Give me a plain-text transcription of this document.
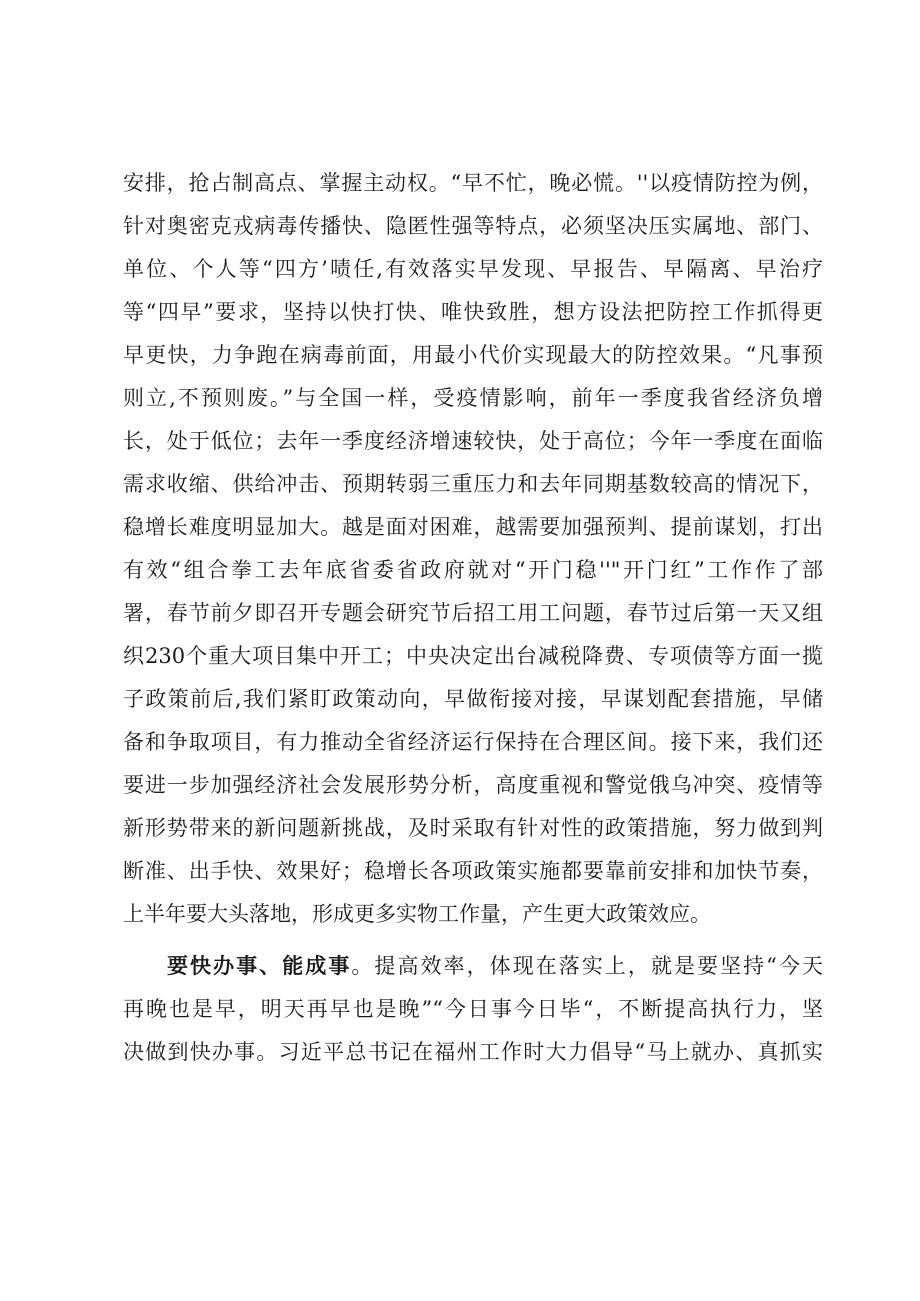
安排，抢占制高点、掌握主动权。“早不忙，晚必慌。''以疫情防控为例，
针对奥密克戎病毒传播快、隐匿性强等特点，必须坚决压实属地、部门、
单位、个人等“四方’啧任,有效落实早发现、早报告、早隔离、早治疗
等“四早”要求，坚持以快打快、唯快致胜，想方设法把防控工作抓得更
早更快，力争跑在病毒前面，用最小代价实现最大的防控效果。“凡事预
则立,不预则废。”与全国一样，受疫情影响，前年一季度我省经济负增
长，处于低位；去年一季度经济增速较快，处于高位；今年一季度在面临
需求收缩、供给冲击、预期转弱三重压力和去年同期基数较高的情况下，
稳增长难度明显加大。越是面对困难，越需要加强预判、提前谋划，打出
有效“组合拳工去年底省委省政府就对“开门稳''"开门红”工作作了部
署，春节前夕即召开专题会研究节后招工用工问题，春节过后第一天又组
织230个重大项目集中开工；中央决定出台减税降费、专项债等方面一揽
子政策前后,我们紧盯政策动向，早做衔接对接，早谋划配套措施，早储
备和争取项目，有力推动全省经济运行保持在合理区间。接下来，我们还
要进一步加强经济社会发展形势分析，高度重视和警觉俄乌冲突、疫情等
新形势带来的新问题新挑战，及时采取有针对性的政策措施，努力做到判
断准、出手快、效果好；稳增长各项政策实施都要靠前安排和加快节奏，
上半年要大头落地，形成更多实物工作量，产生更大政策效应。
要快办事、能成事。提高效率，体现在落实上，就是要坚持“今天
再晚也是早，明天再早也是晚”“今日事今日毕“，不断提高执行力，坚
决做到快办事。习近平总书记在福州工作时大力倡导“马上就办、真抓实
